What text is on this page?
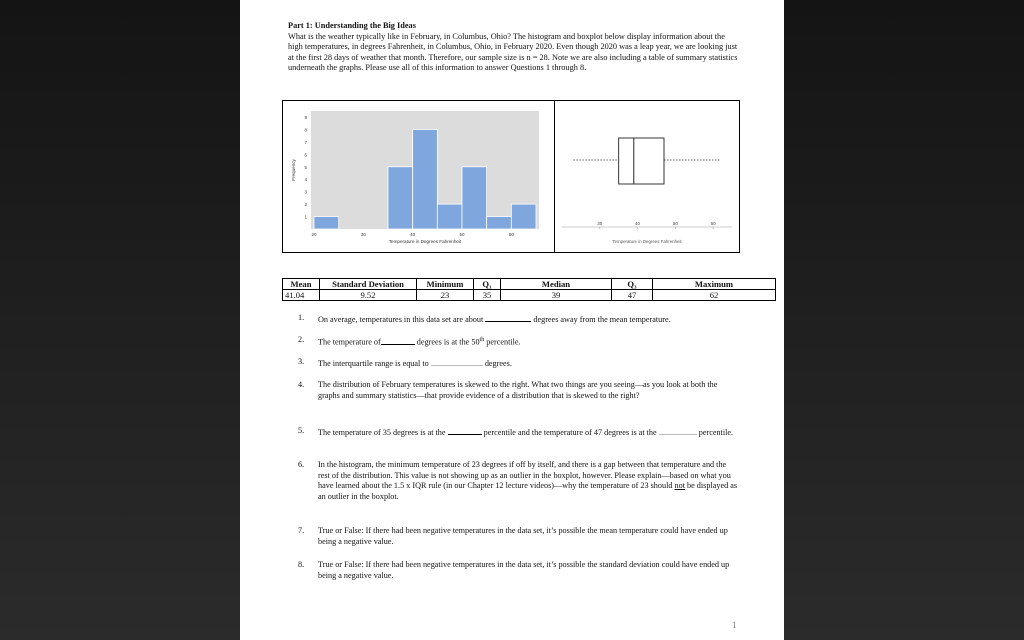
Part 1: Understanding the Big Ideas
What is the weather typically like in February, in Columbus, Ohio? The histogram and boxplot below display information about the high temperatures, in degrees Fahrenheit, in Columbus, Ohio, in February 2020. Even though 2020 was a leap year, we are looking just at the first 28 days of weather that month. Therefore, our sample size is n = 28. Note we are also including a table of summary statistics underneath the graphs. Please use all of this information to answer Questions 1 through 8.
1
2
3
4
5
6
7
8
9
20	30	40	50	60
Temperature in Degrees Fahrenheit
Frequency
30	40	50	60
Temperature in Degrees Fahrenheit
Mean	Standard Deviation	Minimum	Q₁	Median	Q₃	Maximum
41.04	9.52	23	35	39	47	62
1. On average, temperatures in this data set are about	degrees away from the mean temperature.
2. The temperature of	degrees is at the 50th percentile.
3. The interquartile range is equal to	degrees.
4. The distribution of February temperatures is skewed to the right. What two things are you seeing—as you look at both the graphs and summary statistics—that provide evidence of a distribution that is skewed to the right?
5. The temperature of 35 degrees is at the	percentile and the temperature of 47 degrees is at the	percentile.
6. In the histogram, the minimum temperature of 23 degrees if off by itself, and there is a gap between that temperature and the rest of the distribution. This value is not showing up as an outlier in the boxplot, however. Please explain—based on what you have learned about the 1.5 x IQR rule (in our Chapter 12 lecture videos)—why the temperature of 23 should not be displayed as an outlier in the boxplot.
7. True or False: If there had been negative temperatures in the data set, it’s possible the mean temperature could have ended up being a negative value.
8. True or False: If there had been negative temperatures in the data set, it’s possible the standard deviation could have ended up being a negative value.
1
